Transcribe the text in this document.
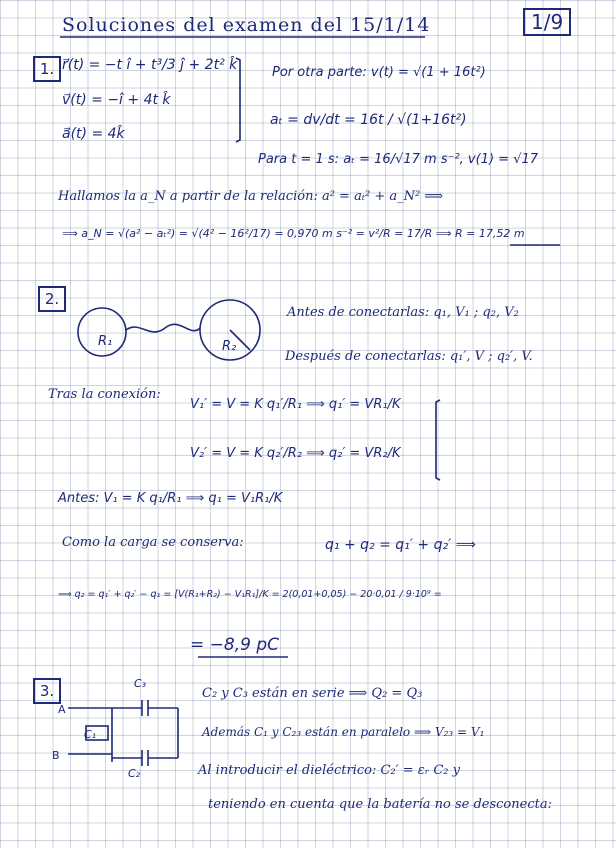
Soluciones del examen del 15/1/14	1/9
1. r⃗(t) = −t î + t³/3 ĵ + 2t² k̂
v⃗(t) = −î + 4t k̂
a⃗(t) = 4k̂
Por otra parte: v(t) = √(1 + 16t²)
aₜ = dv/dt = 16t / √(1+16t²)
Para t = 1 s: aₜ = 16/√17 m s⁻², v(1) = √17
Hallamos la a_N a partir de la relación: a² = aₜ² + a_N² ⟹
⟹ a_N = √(a² − aₜ²) = √(4² − 16²/17) = 0,970 m s⁻² = v²/R = 17/R ⟹ R = 17,52 m
2.
Antes de conectarlas: q₁, V₁ ; q₂, V₂
Después de conectarlas: q₁′, V ; q₂′, V.
R₁	R₂
Tras la conexión:
V₁′ = V = K q₁′/R₁ ⟹ q₁′ = VR₁/K
V₂′ = V = K q₂′/R₂ ⟹ q₂′ = VR₂/K
Antes: V₁ = K q₁/R₁ ⟹ q₁ = V₁R₁/K
Como la carga se conserva:	q₁ + q₂ = q₁′ + q₂′ ⟹
⟹ q₂ = q₁′ + q₂′ − q₁ = [V(R₁+R₂) − V₁R₁]/K = 2(0,01+0,05) − 20·0,01 / 9·10⁹ =
= −8,9 pC
3.
A
B
C₁
C₂
C₃
C₂ y C₃ están en serie ⟹ Q₂ = Q₃
Además C₁ y C₂₃ están en paralelo ⟹ V₂₃ = V₁
Al introducir el dieléctrico: C₂′ = εᵣ C₂ y
teniendo en cuenta que la batería no se desconecta:
